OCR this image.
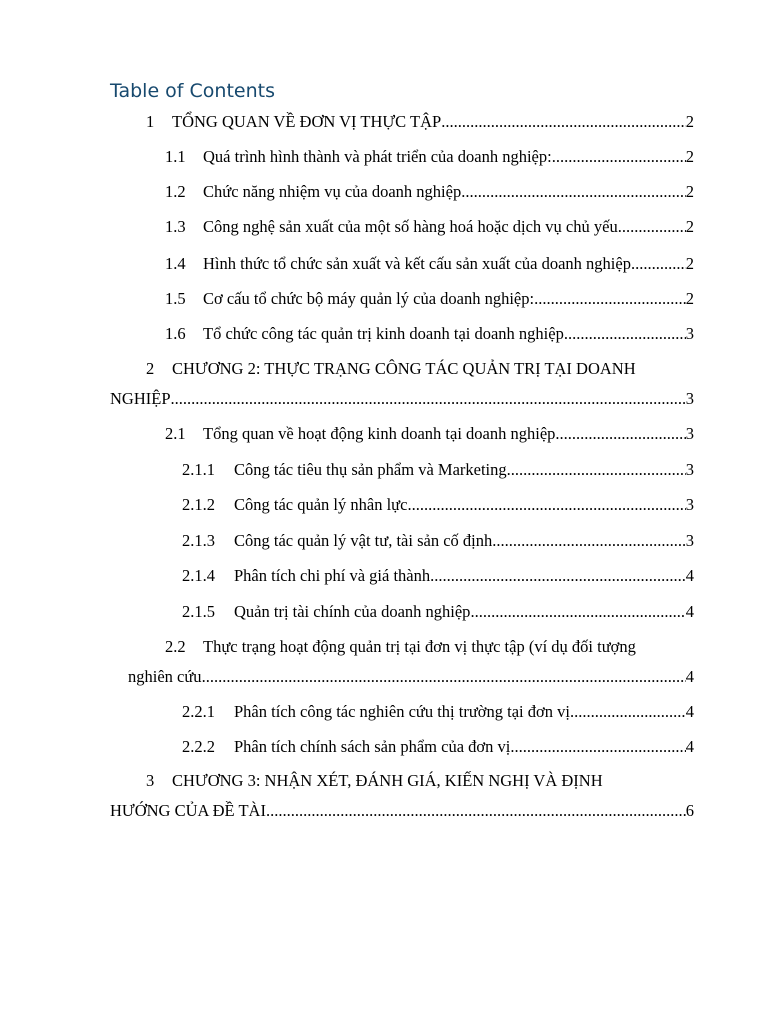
Table of Contents
1	TỔNG QUAN VỀ ĐƠN VỊ THỰC TẬP .....	2
1.1	Quá trình hình thành và phát triển của doanh nghiệp: .....	2
1.2	Chức năng nhiệm vụ của doanh nghiệp .....	2
1.3	Công nghệ sản xuất của một số hàng hoá hoặc dịch vụ chủ yếu .....	2
1.4	Hình thức tổ chức sản xuất và kết cấu sản xuất của doanh nghiệp .....	2
1.5	Cơ cấu tổ chức bộ máy quản lý của doanh nghiệp: .....	2
1.6	Tổ chức công tác quản trị kinh doanh tại doanh nghiệp .....	3
2 CHƯƠNG 2: THỰC TRẠNG CÔNG TÁC QUẢN TRỊ TẠI DOANH
NGHIỆP .....	3
2.1	Tổng quan về hoạt động kinh doanh tại doanh nghiệp .....	3
2.1.1	Công tác tiêu thụ sản phẩm và Marketing .....	3
2.1.2	Công tác quản lý nhân lực .....	3
2.1.3	Công tác quản lý vật tư, tài sản cố định .....	3
2.1.4	Phân tích chi phí và giá thành .....	4
2.1.5	Quản trị tài chính của doanh nghiệp .....	4
2.2 Thực trạng hoạt động quản trị tại đơn vị thực tập (ví dụ đối tượng
nghiên cứu .....	4
2.2.1	Phân tích công tác nghiên cứu thị trường tại đơn vị .....	4
2.2.2	Phân tích chính sách sản phẩm của đơn vị .....	4
3 CHƯƠNG 3: NHẬN XÉT, ĐÁNH GIÁ, KIẾN NGHỊ VÀ ĐỊNH
HƯỚNG CỦA ĐỀ TÀI .....	6
